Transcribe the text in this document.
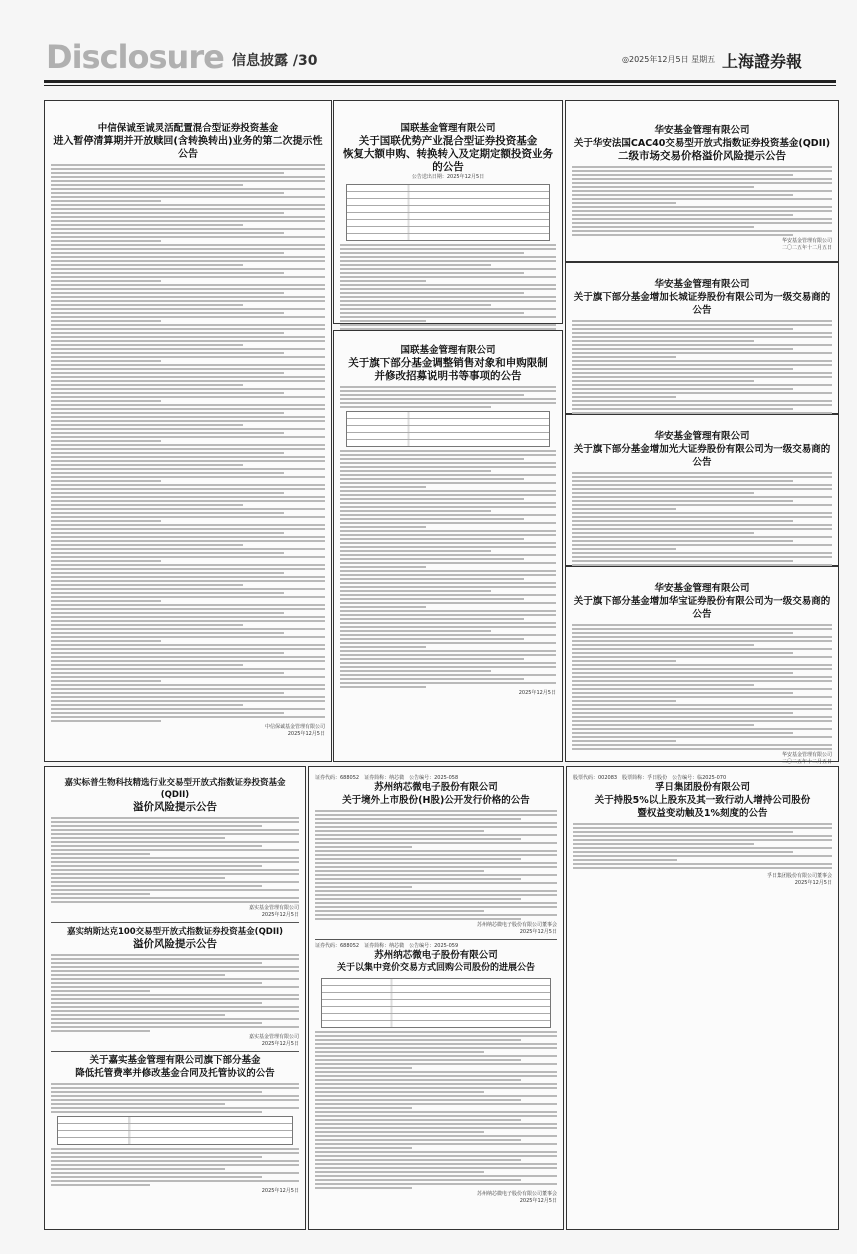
Disclosure 信息披露 /30	◎2025年12月5日 星期五 上海證券報
中信保诚至诚灵活配置混合型证券投资基金
进入暂停清算期并开放赎回(含转换转出)业务的第二次提示性公告
中信保诚基金管理有限公司
2025年12月5日
国联基金管理有限公司
关于国联优势产业混合型证券投资基金
恢复大额申购、转换转入及定期定额投资业务的公告
公告送出日期：2025年12月5日
国联基金管理有限公司
关于旗下部分基金调整销售对象和申购限制
并修改招募说明书等事项的公告
2025年12月5日
华安基金管理有限公司
关于华安法国CAC40交易型开放式指数证券投资基金(QDII)
二级市场交易价格溢价风险提示公告
华安基金管理有限公司
二〇二五年十二月五日
华安基金管理有限公司
关于旗下部分基金增加长城证券股份有限公司为一级交易商的公告
华安基金管理有限公司
关于旗下部分基金增加光大证券股份有限公司为一级交易商的公告
华安基金管理有限公司
关于旗下部分基金增加华宝证券股份有限公司为一级交易商的公告
华安基金管理有限公司
二〇二五年十二月五日
嘉实标普生物科技精选行业交易型开放式指数证券投资基金(QDII)
溢价风险提示公告
嘉实基金管理有限公司
2025年12月5日
嘉实纳斯达克100交易型开放式指数证券投资基金(QDII)
溢价风险提示公告
嘉实基金管理有限公司
2025年12月5日
关于嘉实基金管理有限公司旗下部分基金
降低托管费率并修改基金合同及托管协议的公告
2025年12月5日
证券代码：688052　证券简称：纳芯微　公告编号：2025-058
苏州纳芯微电子股份有限公司
关于境外上市股份(H股)公开发行价格的公告
苏州纳芯微电子股份有限公司董事会
2025年12月5日
证券代码：688052　证券简称：纳芯微　公告编号：2025-059
苏州纳芯微电子股份有限公司
关于以集中竞价交易方式回购公司股份的进展公告
苏州纳芯微电子股份有限公司董事会
2025年12月5日
股票代码：002083　股票简称：孚日股份　公告编号：临2025-070
孚日集团股份有限公司
关于持股5%以上股东及其一致行动人增持公司股份
暨权益变动触及1%刻度的公告
孚日集团股份有限公司董事会
2025年12月5日
